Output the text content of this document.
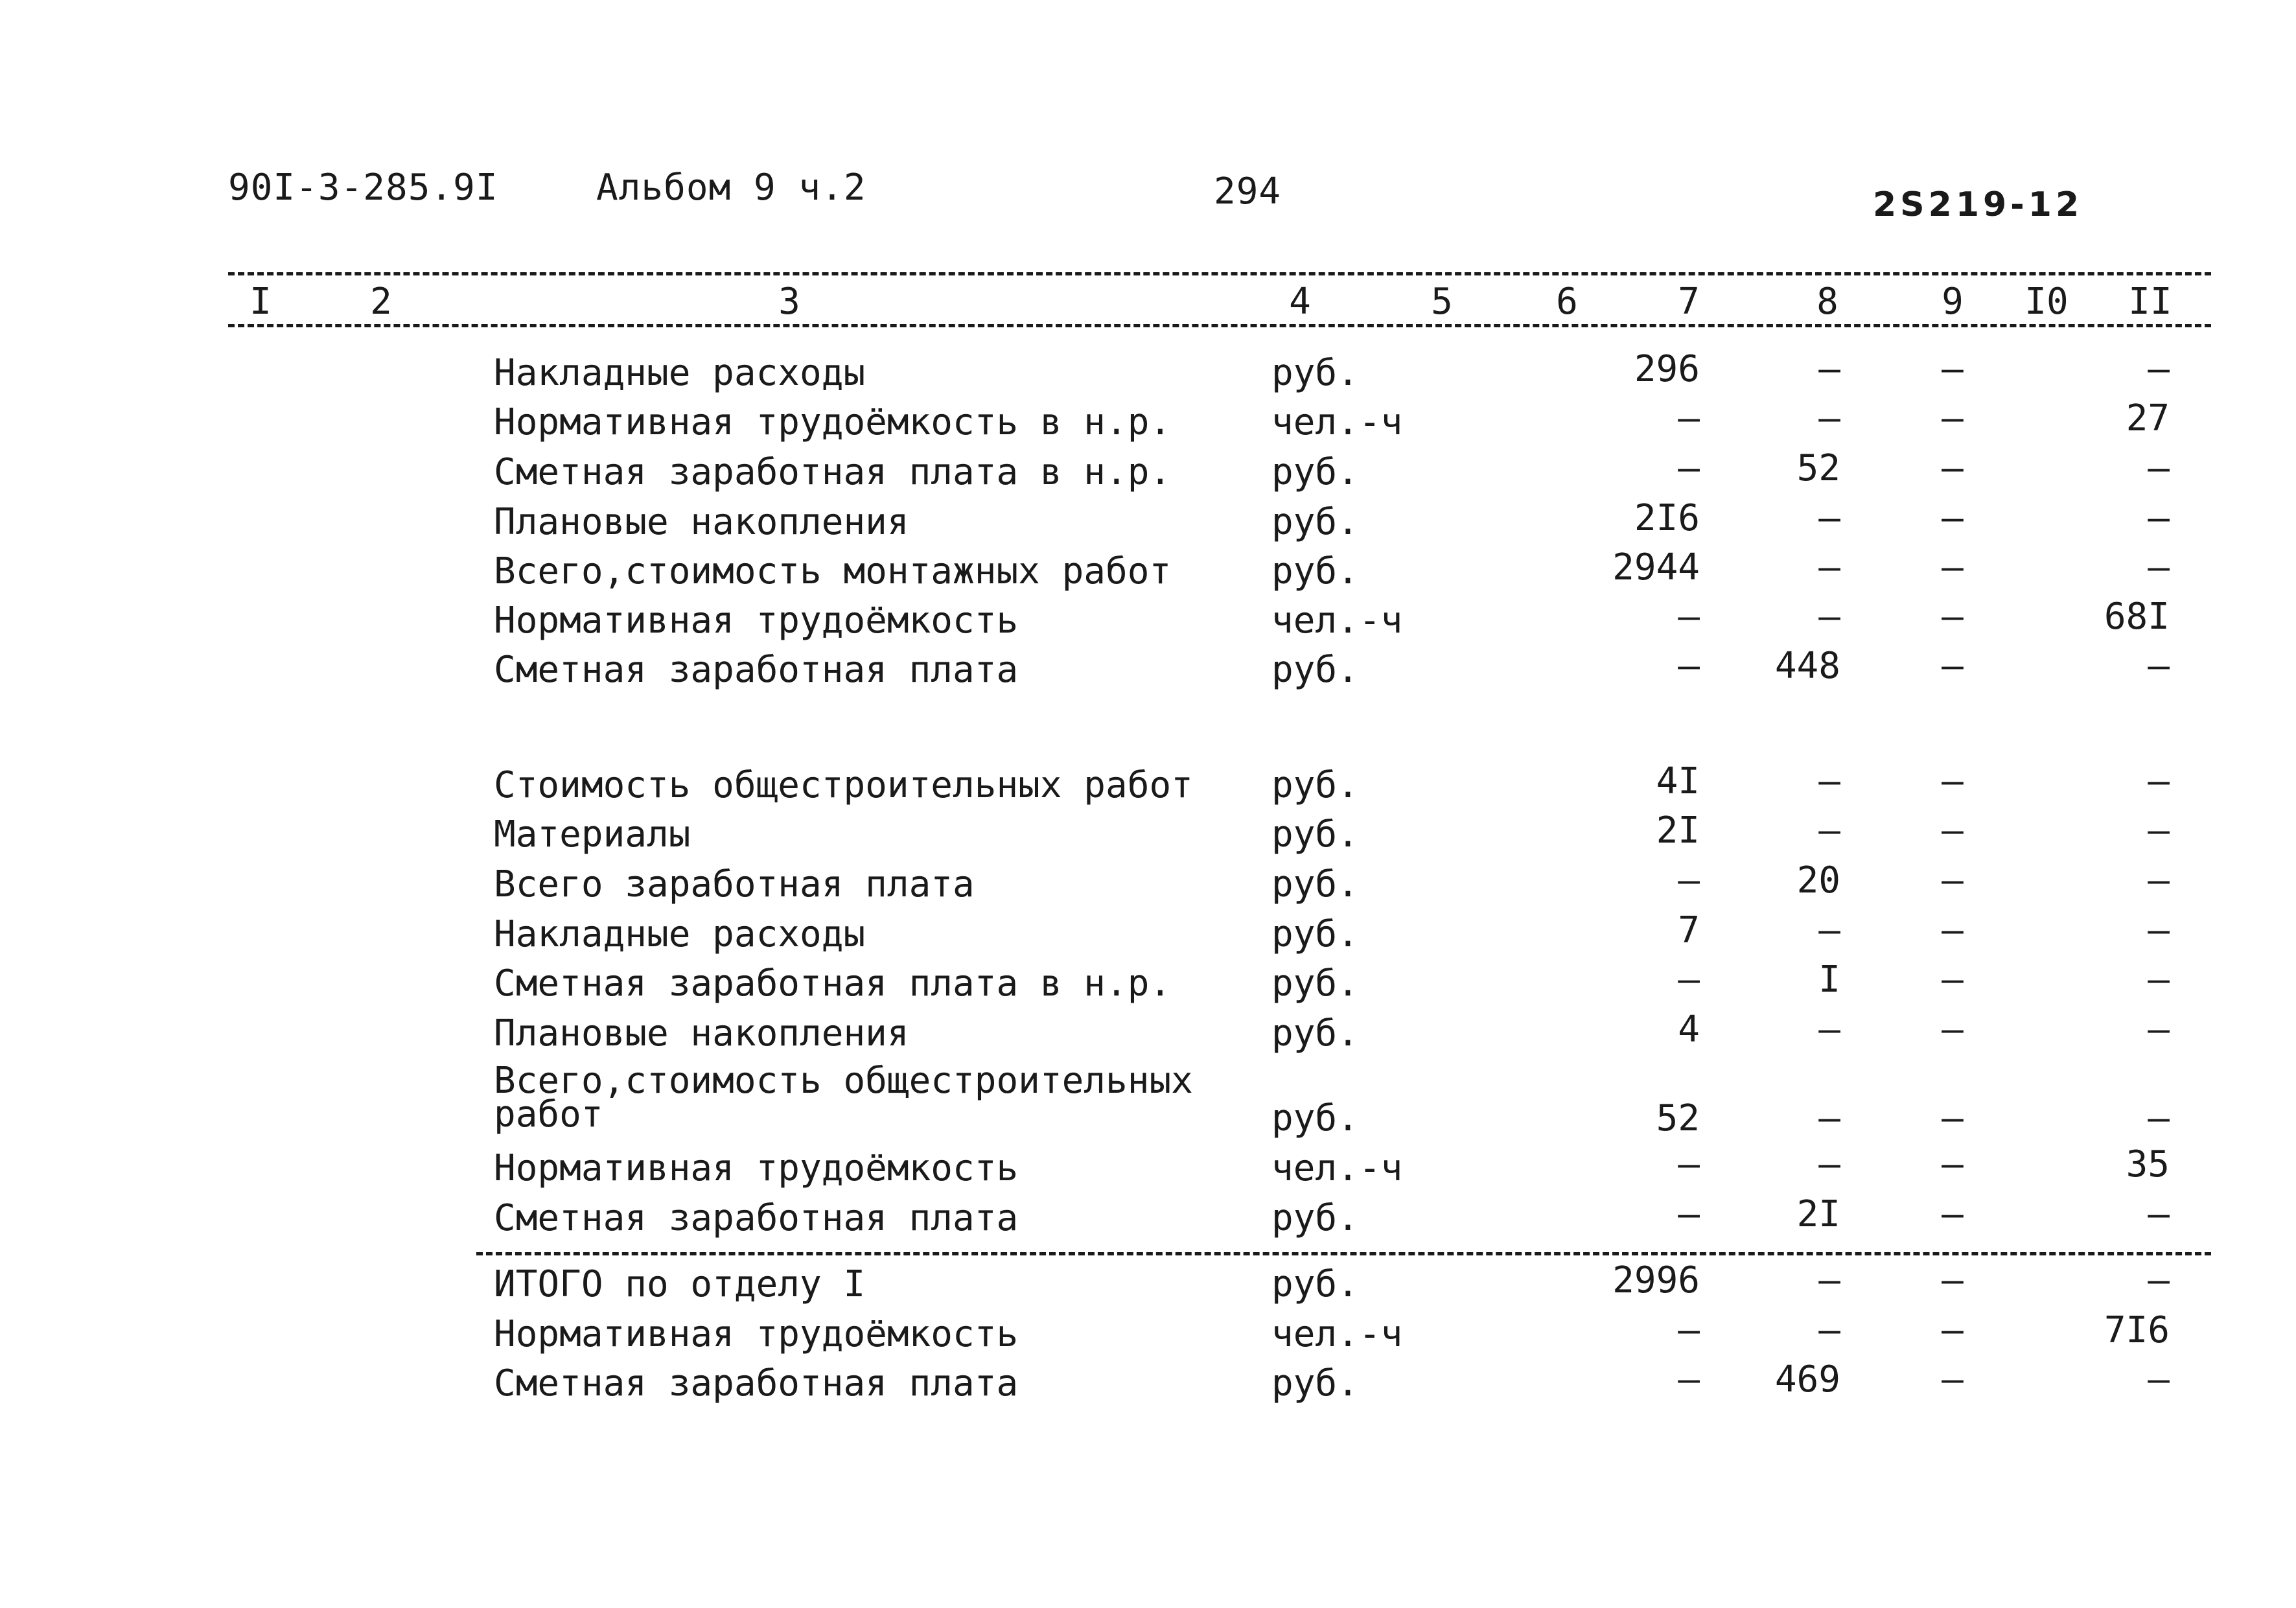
90I-3-285.9I	Альбом 9 ч.2	294	2S219-12
I	2	3	4	5	6	7	8	9 I0 II
Накладные расходы	руб.	296	–	–	–
Нормативная трудоёмкость в н.р.	чел.-ч	–	–	–	27
Сметная заработная плата в н.р.	руб.	–	52	–	–
Плановые накопления	руб.	2I6	–	–	–
Всего,стоимость монтажных работ	руб.	2944	–	–	–
Нормативная трудоёмкость	чел.-ч	–	–	–	68I
Сметная заработная плата	руб.	– 448	–	–
Стоимость общестроительных работ руб.	4I	–	–	–
Материалы	руб.	2I	–	–	–
Всего заработная плата	руб.	–	20	–	–
Накладные расходы	руб.	7	–	–	–
Сметная заработная плата в н.р.	руб.	–	I	–	–
Плановые накопления	руб.	4	–	–	–
Всего,стоимость общестроительных
работ	руб.	52	–	–	–
Нормативная трудоёмкость	чел.-ч	–	–	–	35
Сметная заработная плата	руб.	–	2I	–	–
ИТОГО по отделу I	руб.	2996	–	–	–
Нормативная трудоёмкость	чел.-ч	–	–	–	7I6
Сметная заработная плата	руб.	– 469	–	–
